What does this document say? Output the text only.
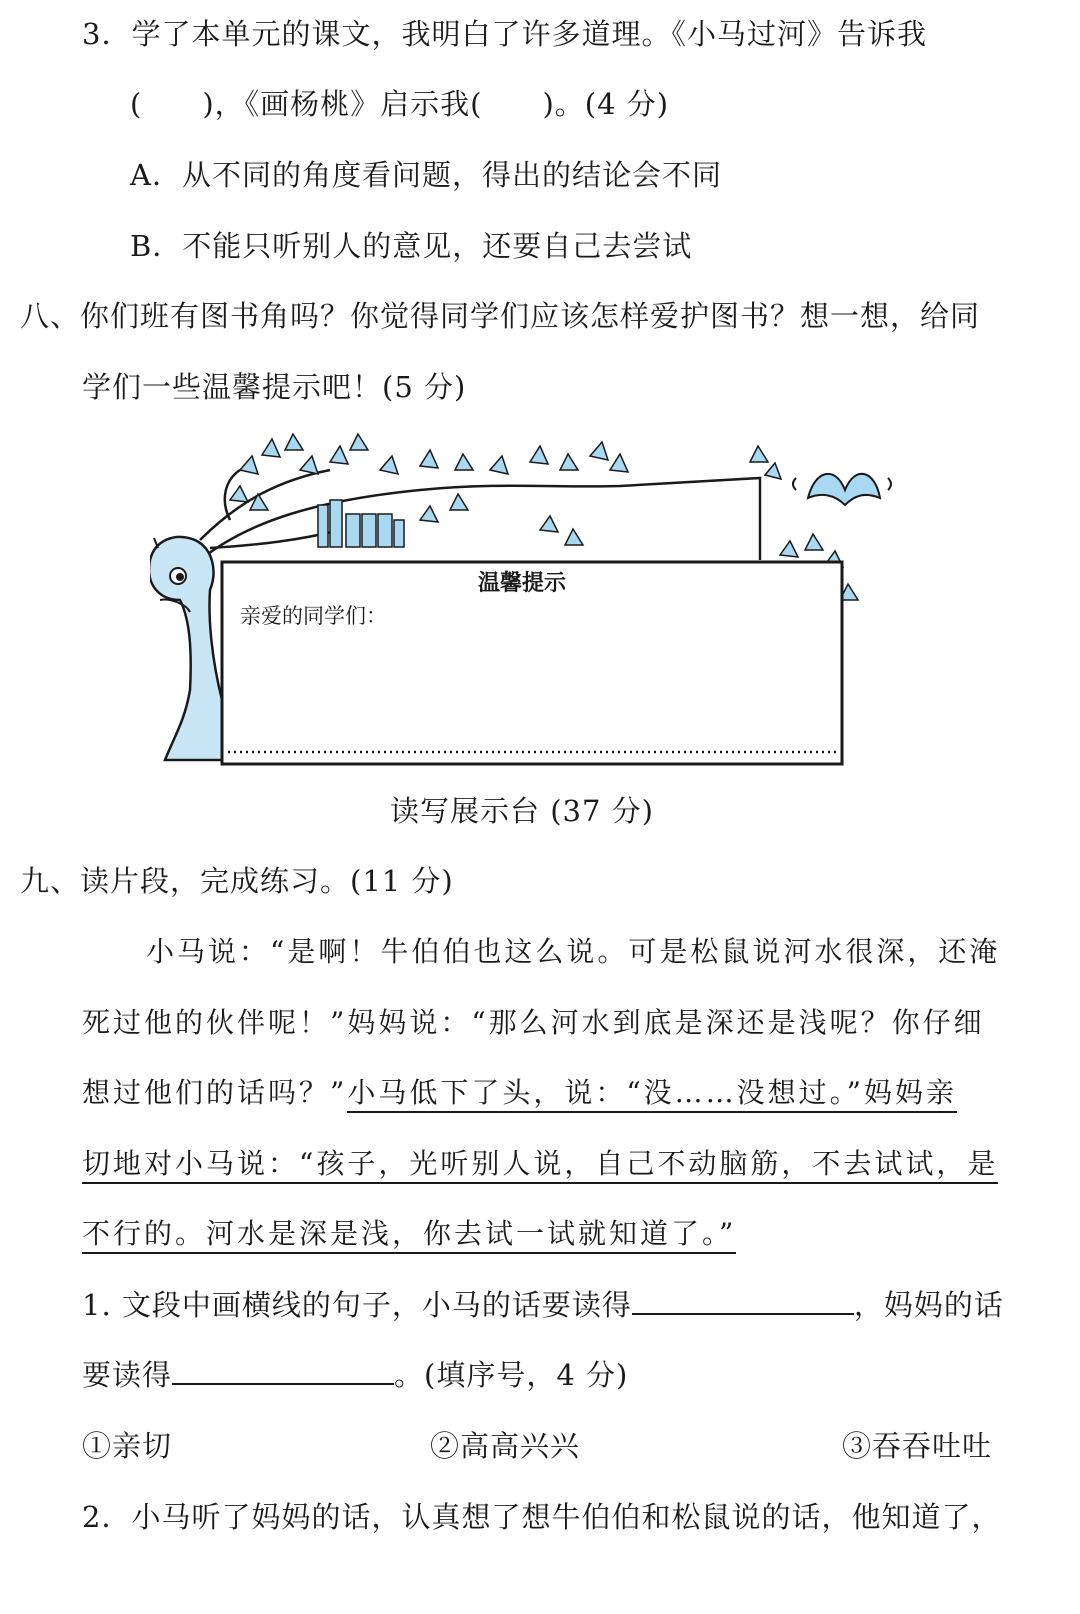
3．学了本单元的课文，我明白了许多道理。《小马过河》告诉我
(　　)，《画杨桃》启示我(　　)。(4 分)
A．从不同的角度看问题，得出的结论会不同
B．不能只听别人的意见，还要自己去尝试
八、你们班有图书角吗？你觉得同学们应该怎样爱护图书？想一想，给同
学们一些温馨提示吧！(5 分)
温馨提示
亲爱的同学们：
读写展示台 (37 分)
九、读片段，完成练习。(11 分)
小马说：“是啊！牛伯伯也这么说。可是松鼠说河水很深，还淹
死过他的伙伴呢！”妈妈说：“那么河水到底是深还是浅呢？你仔细
想过他们的话吗？”小马低下了头，说：“没……没想过。”妈妈亲
切地对小马说：“孩子，光听别人说，自己不动脑筋，不去试试，是
不行的。河水是深是浅，你去试一试就知道了。”
1. 文段中画横线的句子，小马的话要读得	，妈妈的话
要读得	。(填序号，4 分)
①亲切	②高高兴兴	③吞吞吐吐
2．小马听了妈妈的话，认真想了想牛伯伯和松鼠说的话，他知道了，
